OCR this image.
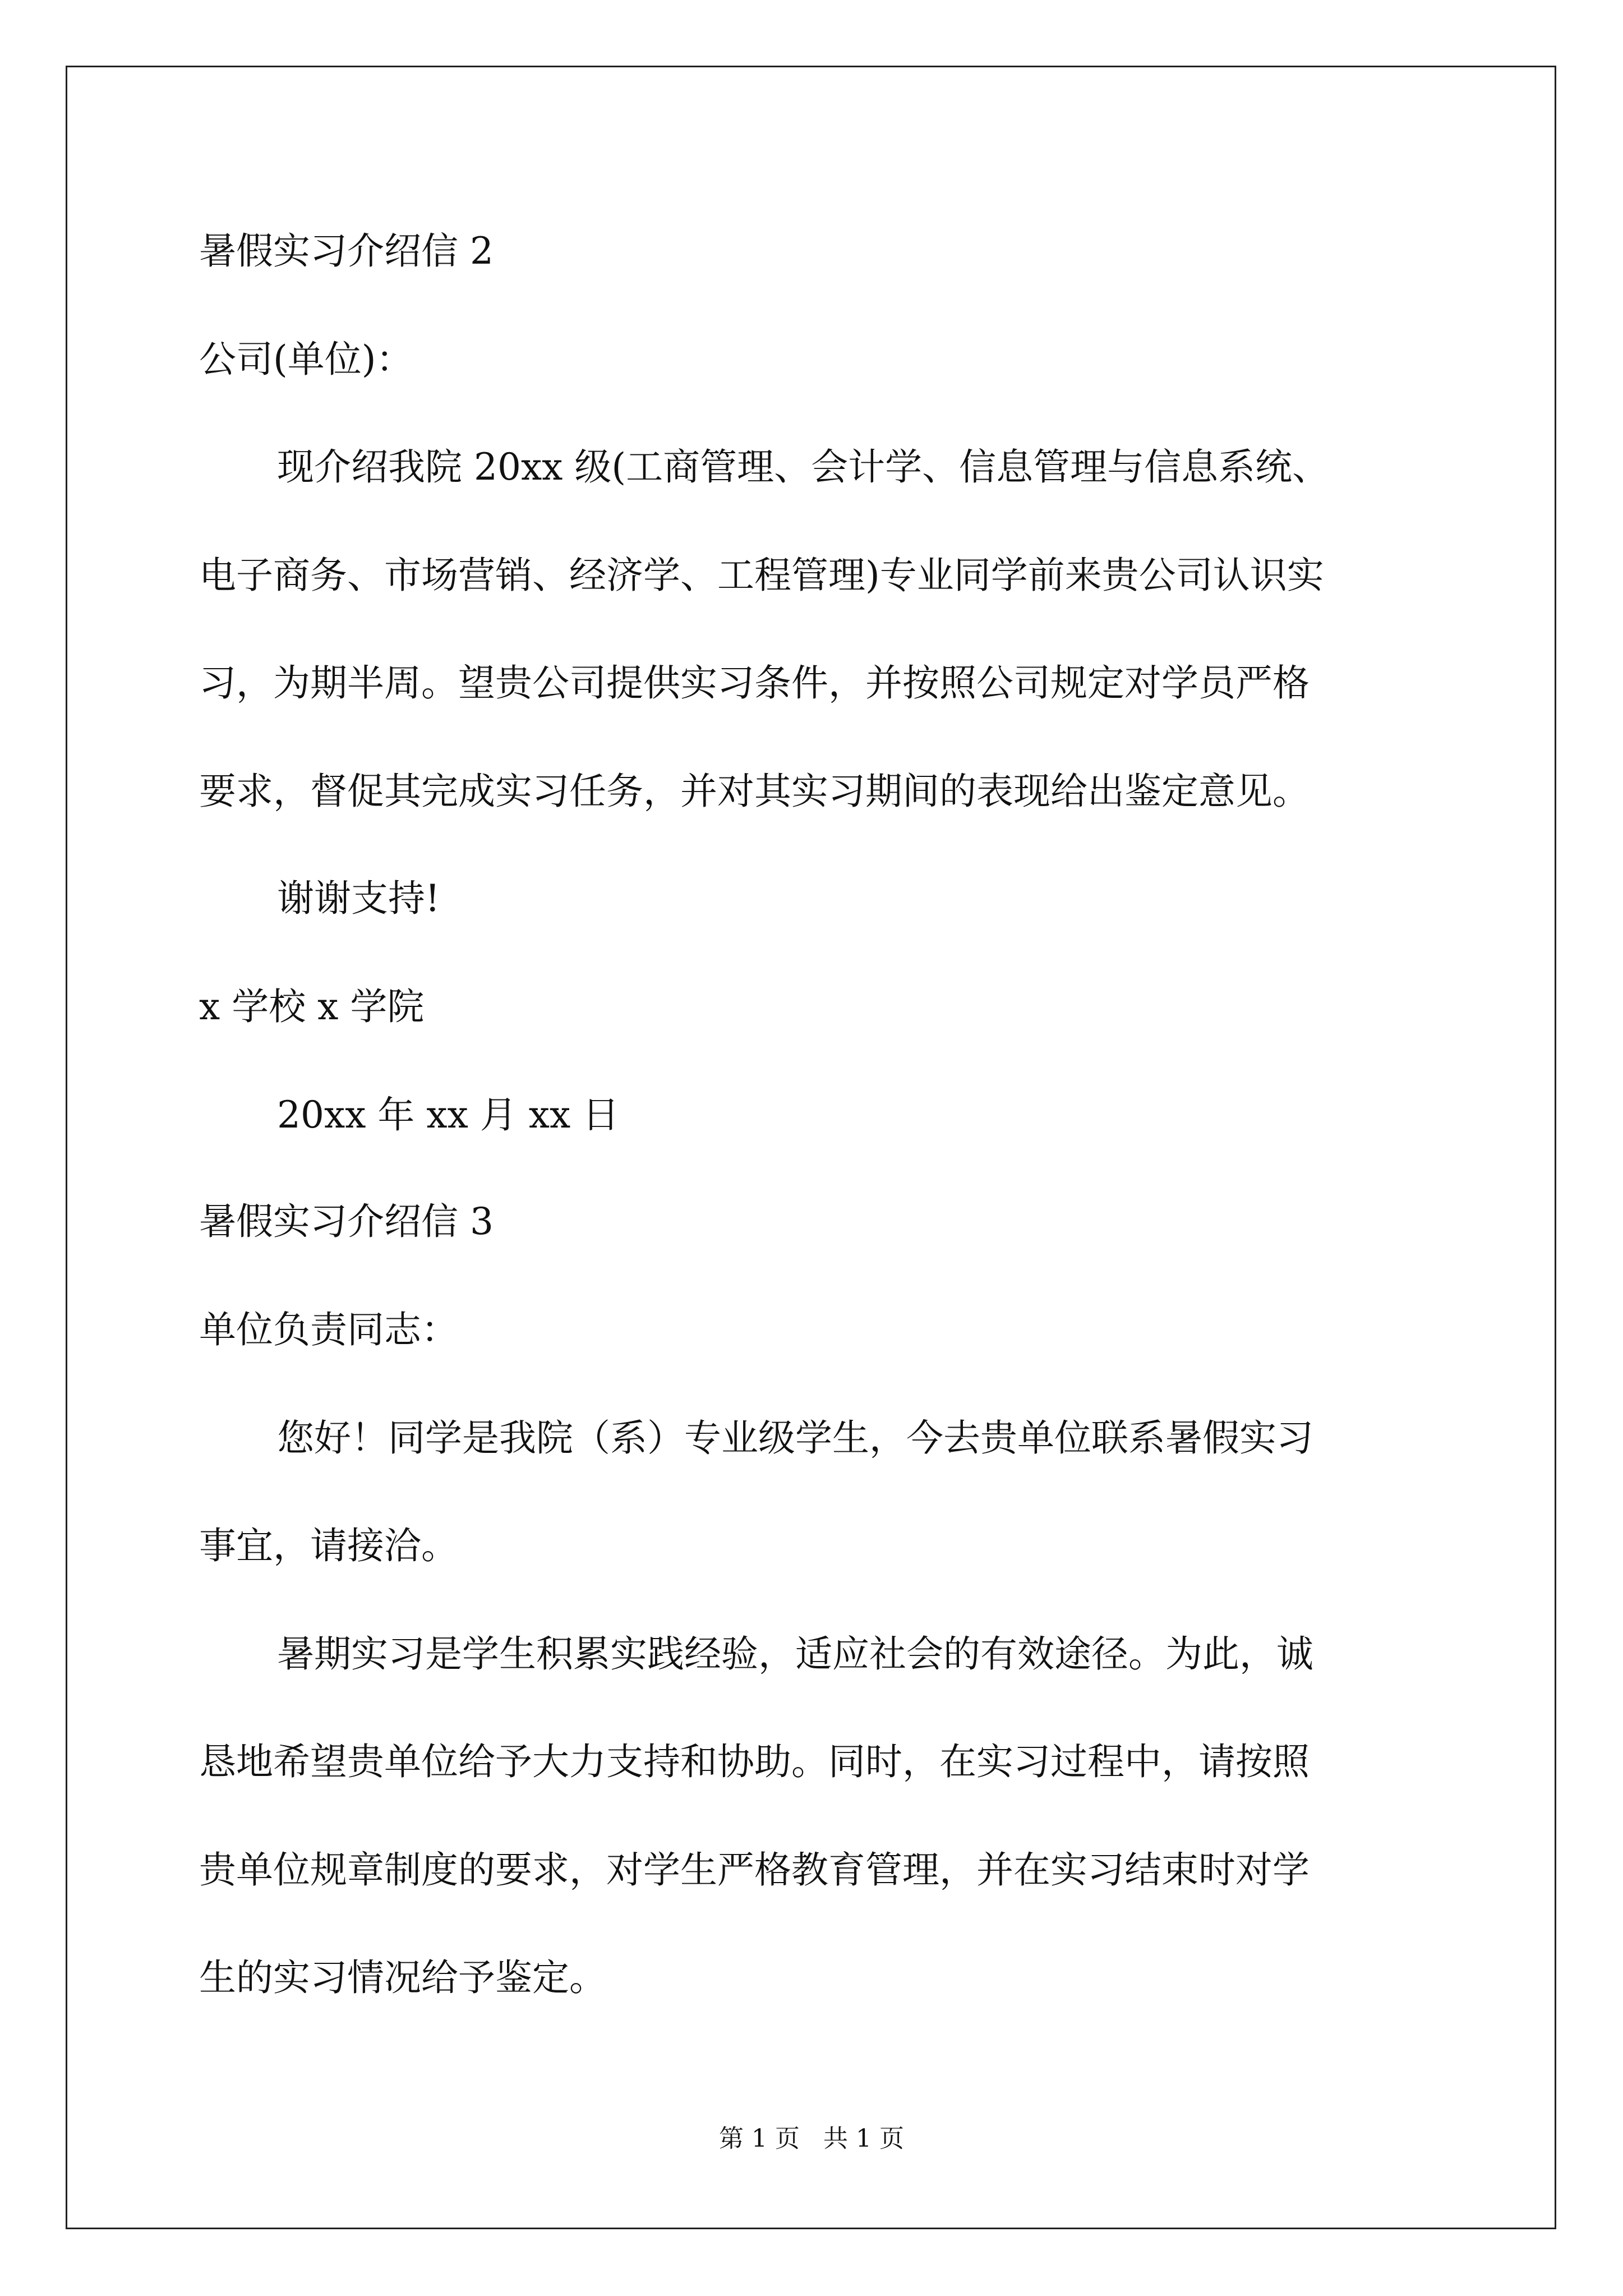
暑假实习介绍信 2
公司(单位)：
现介绍我院 20xx 级(工商管理、会计学、信息管理与信息系统、
电子商务、市场营销、经济学、工程管理)专业同学前来贵公司认识实
习，为期半周。望贵公司提供实习条件，并按照公司规定对学员严格
要求，督促其完成实习任务，并对其实习期间的表现给出鉴定意见。
谢谢支持!
x 学校 x 学院
20xx 年 xx 月 xx 日
暑假实习介绍信 3
单位负责同志：
您好！同学是我院（系）专业级学生，今去贵单位联系暑假实习
事宜，请接洽。
暑期实习是学生积累实践经验，适应社会的有效途径。为此，诚
恳地希望贵单位给予大力支持和协助。同时，在实习过程中，请按照
贵单位规章制度的要求，对学生严格教育管理，并在实习结束时对学
生的实习情况给予鉴定。
第 1 页   共 1 页
